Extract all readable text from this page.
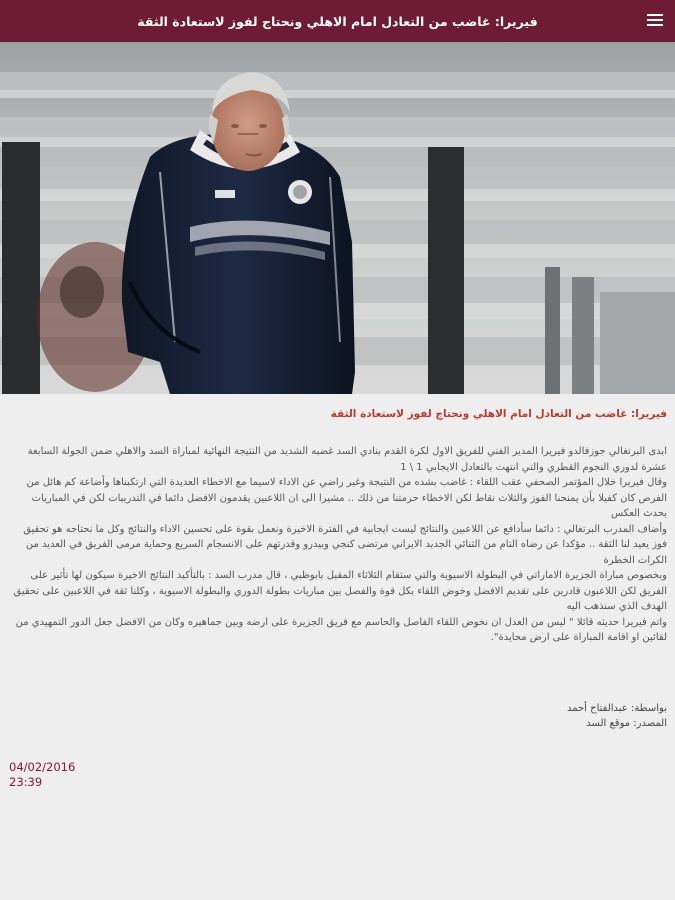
فيريرا: غاضب من التعادل امام الاهلي ونحتاج لفوز لاستعادة الثقة
فيريرا: غاضب من التعادل امام الاهلي ونحتاج لفوز لاستعادة الثقة

ابدى البرتغالي جوزفالدو فيريرا المدير الفني للفريق الاول لكرة القدم بنادي السد غضبه الشديد من النتيجة النهائية لمباراة السد والاهلي ضمن الجولة السابعة عشرة لدوري النجوم القطري والتي انتهت بالتعادل الايجابي 1 \ 1

وقال فيريرا خلال المؤتمر الصحفي عقب اللقاء : غاضب بشده من النتيجة وغير راضي عن الاداء لاسيما مع الاخطاء العديدة التي ارتكبناها وأضاعة كم هائل من الفرص كان كفيلا بأن يمنحنا الفوز والثلاث نقاط لكن الاخطاء حرمتنا من ذلك .. مشيرا الى ان اللاعبين يقدمون الافضل دائما في التدريبات لكن في المباريات يحدث العكس

وأضاف المدرب البرتغالي : دائما سأدافع عن اللاعبين والنتائج ليست ايجابية في الفترة الاخيرة ونعمل بقوة على تحسين الاداء والنتائج وكل ما نحتاجه هو تحقيق فوز يعيد لنا الثقة .. مؤكدا عن رضاه التام من الثنائي الجديد الايراني مرتضى كنجي وبيدرو وقدرتهم على الانسجام السريع وحماية مرمى الفريق في العديد من الكرات الخطرة

وبخصوص مباراة الجزيرة الاماراتي في البطولة الاسيوية والتي ستقام الثلاثاء المقبل بابوظبي ، قال مدرب السد : بالتأكيد النتائج الاخيرة سيكون لها تأثير على الفريق لكن اللاعبون قادرين على تقديم الافضل وخوض اللقاء بكل قوة والفصل بين مباريات بطولة الدوري والبطولة الاسيوية ، وكلنا ثقة في اللاعبين على تحقيق الهدف الذي سنذهب اليه

واتم فيريرا حديثه قائلا " ليس من العدل ان نخوض اللقاء الفاصل والحاسم مع فريق الجزيرة على ارضه وبين جماهيره وكان من الافضل جعل الدور التمهيدي من لقائين او اقامة المباراة على ارض محايدة".

بواسطة: عبدالفتاح أحمد
المصدر: موقع السد
04/02/2016
23:39
